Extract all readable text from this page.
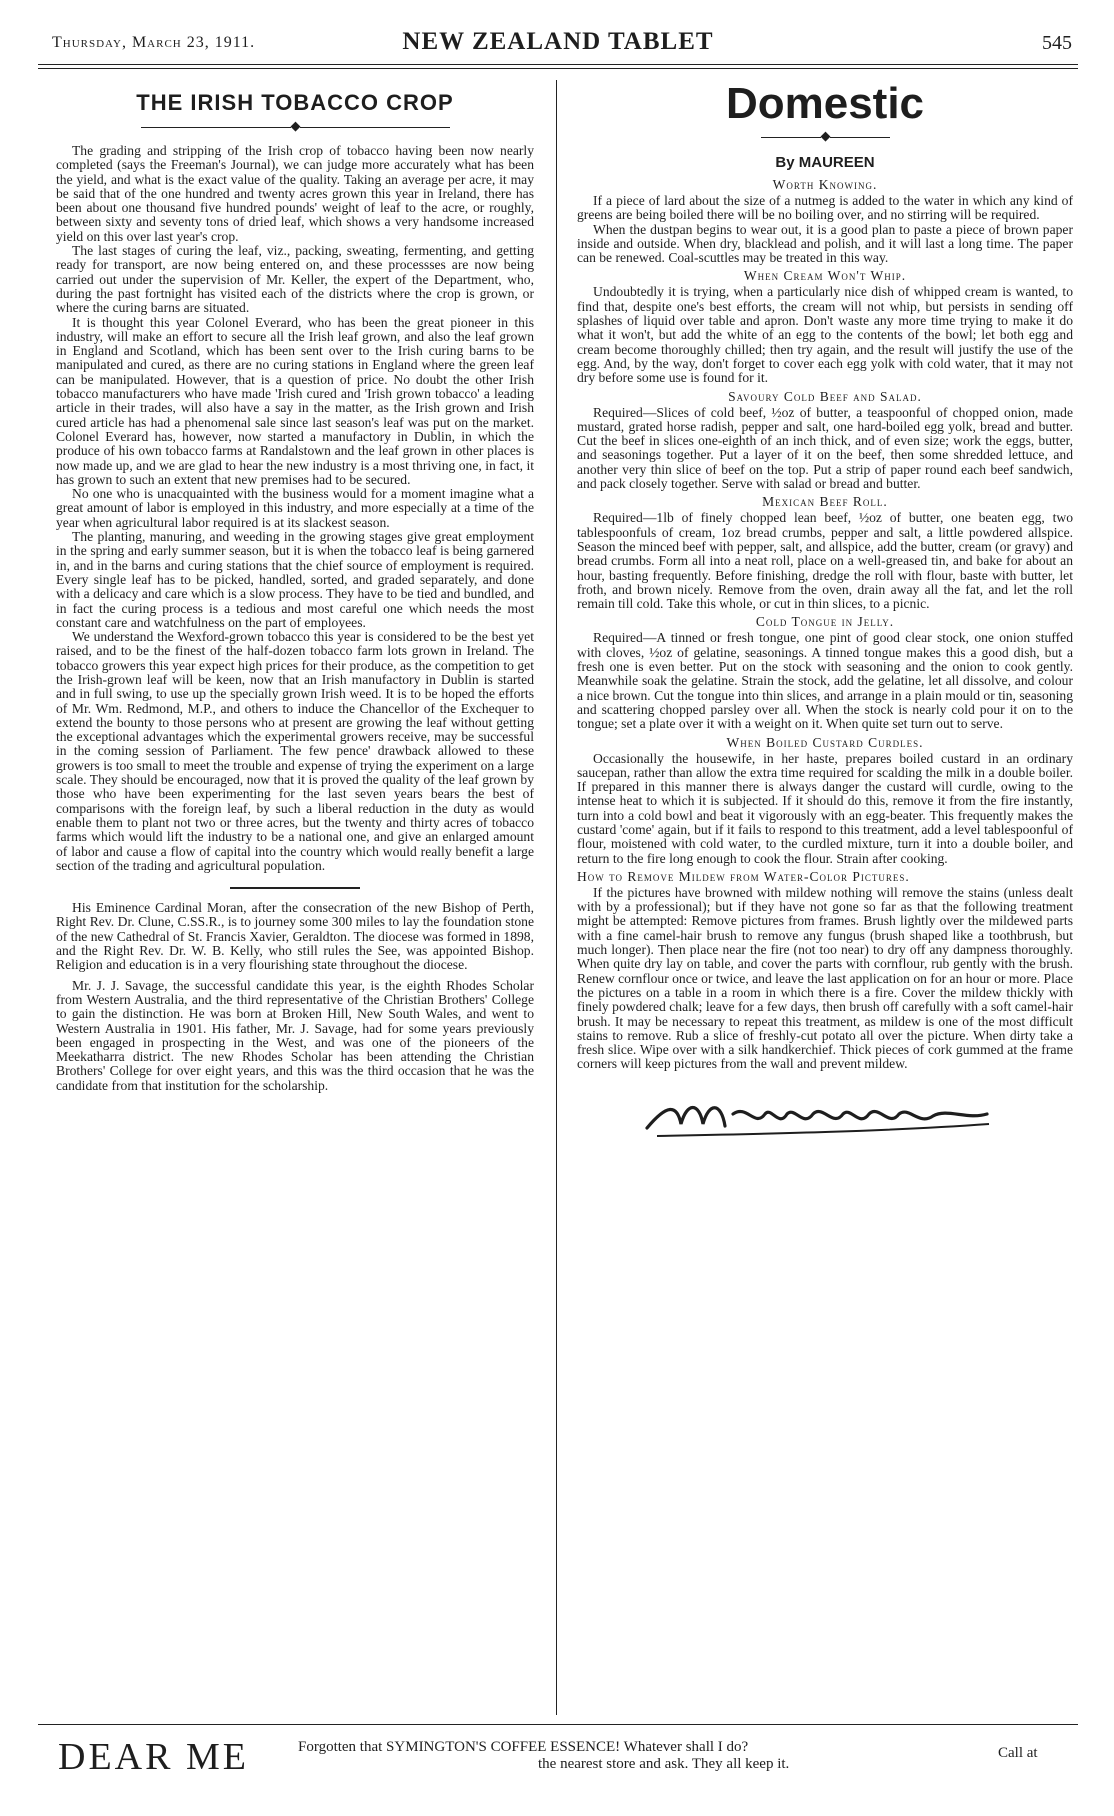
Thursday, March 23, 1911.	NEW ZEALAND TABLET	545
THE IRISH TOBACCO CROP
◆

The grading and stripping of the Irish crop of tobacco having been now nearly completed (says the Freeman's Journal), we can judge more accurately what has been the yield, and what is the exact value of the quality. Taking an average per acre, it may be said that of the one hundred and twenty acres grown this year in Ireland, there has been about one thousand five hundred pounds' weight of leaf to the acre, or roughly, between sixty and seventy tons of dried leaf, which shows a very handsome increased yield on this over last year's crop.

The last stages of curing the leaf, viz., packing, sweating, fermenting, and getting ready for transport, are now being entered on, and these processses are now being carried out under the supervision of Mr. Keller, the expert of the Department, who, during the past fortnight has visited each of the districts where the crop is grown, or where the curing barns are situated.

It is thought this year Colonel Everard, who has been the great pioneer in this industry, will make an effort to secure all the Irish leaf grown, and also the leaf grown in England and Scotland, which has been sent over to the Irish curing barns to be manipulated and cured, as there are no curing stations in England where the green leaf can be manipulated. However, that is a question of price. No doubt the other Irish tobacco manufacturers who have made 'Irish cured and 'Irish grown tobacco' a leading article in their trades, will also have a say in the matter, as the Irish grown and Irish cured article has had a phenomenal sale since last season's leaf was put on the market. Colonel Everard has, however, now started a manufactory in Dublin, in which the produce of his own tobacco farms at Randalstown and the leaf grown in other places is now made up, and we are glad to hear the new industry is a most thriving one, in fact, it has grown to such an extent that new premises had to be secured.

No one who is unacquainted with the business would for a moment imagine what a great amount of labor is employed in this industry, and more especially at a time of the year when agricultural labor required is at its slackest season.

The planting, manuring, and weeding in the growing stages give great employment in the spring and early summer season, but it is when the tobacco leaf is being garnered in, and in the barns and curing stations that the chief source of employment is required. Every single leaf has to be picked, handled, sorted, and graded separately, and done with a delicacy and care which is a slow process. They have to be tied and bundled, and in fact the curing process is a tedious and most careful one which needs the most constant care and watchfulness on the part of employees.

We understand the Wexford-grown tobacco this year is considered to be the best yet raised, and to be the finest of the half-dozen tobacco farm lots grown in Ireland. The tobacco growers this year expect high prices for their produce, as the competition to get the Irish-grown leaf will be keen, now that an Irish manufactory in Dublin is started and in full swing, to use up the specially grown Irish weed. It is to be hoped the efforts of Mr. Wm. Redmond, M.P., and others to induce the Chancellor of the Exchequer to extend the bounty to those persons who at present are growing the leaf without getting the exceptional advantages which the experimental growers receive, may be successful in the coming session of Parliament. The few pence' drawback allowed to these growers is too small to meet the trouble and expense of trying the experiment on a large scale. They should be encouraged, now that it is proved the quality of the leaf grown by those who have been experimenting for the last seven years bears the best of comparisons with the foreign leaf, by such a liberal reduction in the duty as would enable them to plant not two or three acres, but the twenty and thirty acres of tobacco farms which would lift the industry to be a national one, and give an enlarged amount of labor and cause a flow of capital into the country which would really benefit a large section of the trading and agricultural population.

His Eminence Cardinal Moran, after the consecration of the new Bishop of Perth, Right Rev. Dr. Clune, C.SS.R., is to journey some 300 miles to lay the foundation stone of the new Cathedral of St. Francis Xavier, Geraldton. The diocese was formed in 1898, and the Right Rev. Dr. W. B. Kelly, who still rules the See, was appointed Bishop. Religion and education is in a very flourishing state throughout the diocese.

Mr. J. J. Savage, the successful candidate this year, is the eighth Rhodes Scholar from Western Australia, and the third representative of the Christian Brothers' College to gain the distinction. He was born at Broken Hill, New South Wales, and went to Western Australia in 1901. His father, Mr. J. Savage, had for some years previously been engaged in prospecting in the West, and was one of the pioneers of the Meekatharra district. The new Rhodes Scholar has been attending the Christian Brothers' College for over eight years, and this was the third occasion that he was the candidate from that institution for the scholarship.

Domestic
◆
By MAUREEN
Worth Knowing.

If a piece of lard about the size of a nutmeg is added to the water in which any kind of greens are being boiled there will be no boiling over, and no stirring will be required.

When the dustpan begins to wear out, it is a good plan to paste a piece of brown paper inside and outside. When dry, blacklead and polish, and it will last a long time. The paper can be renewed. Coal-scuttles may be treated in this way.

When Cream Won't Whip.

Undoubtedly it is trying, when a particularly nice dish of whipped cream is wanted, to find that, despite one's best efforts, the cream will not whip, but persists in sending off splashes of liquid over table and apron. Don't waste any more time trying to make it do what it won't, but add the white of an egg to the contents of the bowl; let both egg and cream become thoroughly chilled; then try again, and the result will justify the use of the egg. And, by the way, don't forget to cover each egg yolk with cold water, that it may not dry before some use is found for it.

Savoury Cold Beef and Salad.

Required—Slices of cold beef, ½oz of butter, a teaspoonful of chopped onion, made mustard, grated horse radish, pepper and salt, one hard-boiled egg yolk, bread and butter. Cut the beef in slices one-eighth of an inch thick, and of even size; work the eggs, butter, and seasonings together. Put a layer of it on the beef, then some shredded lettuce, and another very thin slice of beef on the top. Put a strip of paper round each beef sandwich, and pack closely together. Serve with salad or bread and butter.

Mexican Beef Roll.

Required—1lb of finely chopped lean beef, ½oz of butter, one beaten egg, two tablespoonfuls of cream, 1oz bread crumbs, pepper and salt, a little powdered allspice. Season the minced beef with pepper, salt, and allspice, add the butter, cream (or gravy) and bread crumbs. Form all into a neat roll, place on a well-greased tin, and bake for about an hour, basting frequently. Before finishing, dredge the roll with flour, baste with butter, let froth, and brown nicely. Remove from the oven, drain away all the fat, and let the roll remain till cold. Take this whole, or cut in thin slices, to a picnic.

Cold Tongue in Jelly.

Required—A tinned or fresh tongue, one pint of good clear stock, one onion stuffed with cloves, ½oz of gelatine, seasonings. A tinned tongue makes this a good dish, but a fresh one is even better. Put on the stock with seasoning and the onion to cook gently. Meanwhile soak the gelatine. Strain the stock, add the gelatine, let all dissolve, and colour a nice brown. Cut the tongue into thin slices, and arrange in a plain mould or tin, seasoning and scattering chopped parsley over all. When the stock is nearly cold pour it on to the tongue; set a plate over it with a weight on it. When quite set turn out to serve.

When Boiled Custard Curdles.

Occasionally the housewife, in her haste, prepares boiled custard in an ordinary saucepan, rather than allow the extra time required for scalding the milk in a double boiler. If prepared in this manner there is always danger the custard will curdle, owing to the intense heat to which it is subjected. If it should do this, remove it from the fire instantly, turn into a cold bowl and beat it vigorously with an egg-beater. This frequently makes the custard 'come' again, but if it fails to respond to this treatment, add a level tablespoonful of flour, moistened with cold water, to the curdled mixture, turn it into a double boiler, and return to the fire long enough to cook the flour. Strain after cooking.

How to Remove Mildew from Water-Color Pictures.

If the pictures have browned with mildew nothing will remove the stains (unless dealt with by a professional); but if they have not gone so far as that the following treatment might be attempted: Remove pictures from frames. Brush lightly over the mildewed parts with a fine camel-hair brush to remove any fungus (brush shaped like a toothbrush, but much longer). Then place near the fire (not too near) to dry off any dampness thoroughly. When quite dry lay on table, and cover the parts with cornflour, rub gently with the brush. Renew cornflour once or twice, and leave the last application on for an hour or more. Place the pictures on a table in a room in which there is a fire. Cover the mildew thickly with finely powdered chalk; leave for a few days, then brush off carefully with a soft camel-hair brush. It may be necessary to repeat this treatment, as mildew is one of the most difficult stains to remove. Rub a slice of freshly-cut potato all over the picture. When dirty take a fresh slice. Wipe over with a silk handkerchief. Thick pieces of cork gummed at the frame corners will keep pictures from the wall and prevent mildew.

DEAR ME	Forgotten that SYMINGTON'S COFFEE ESSENCE! Whatever shall I do?
the nearest store and ask. They all keep it.
Call at
